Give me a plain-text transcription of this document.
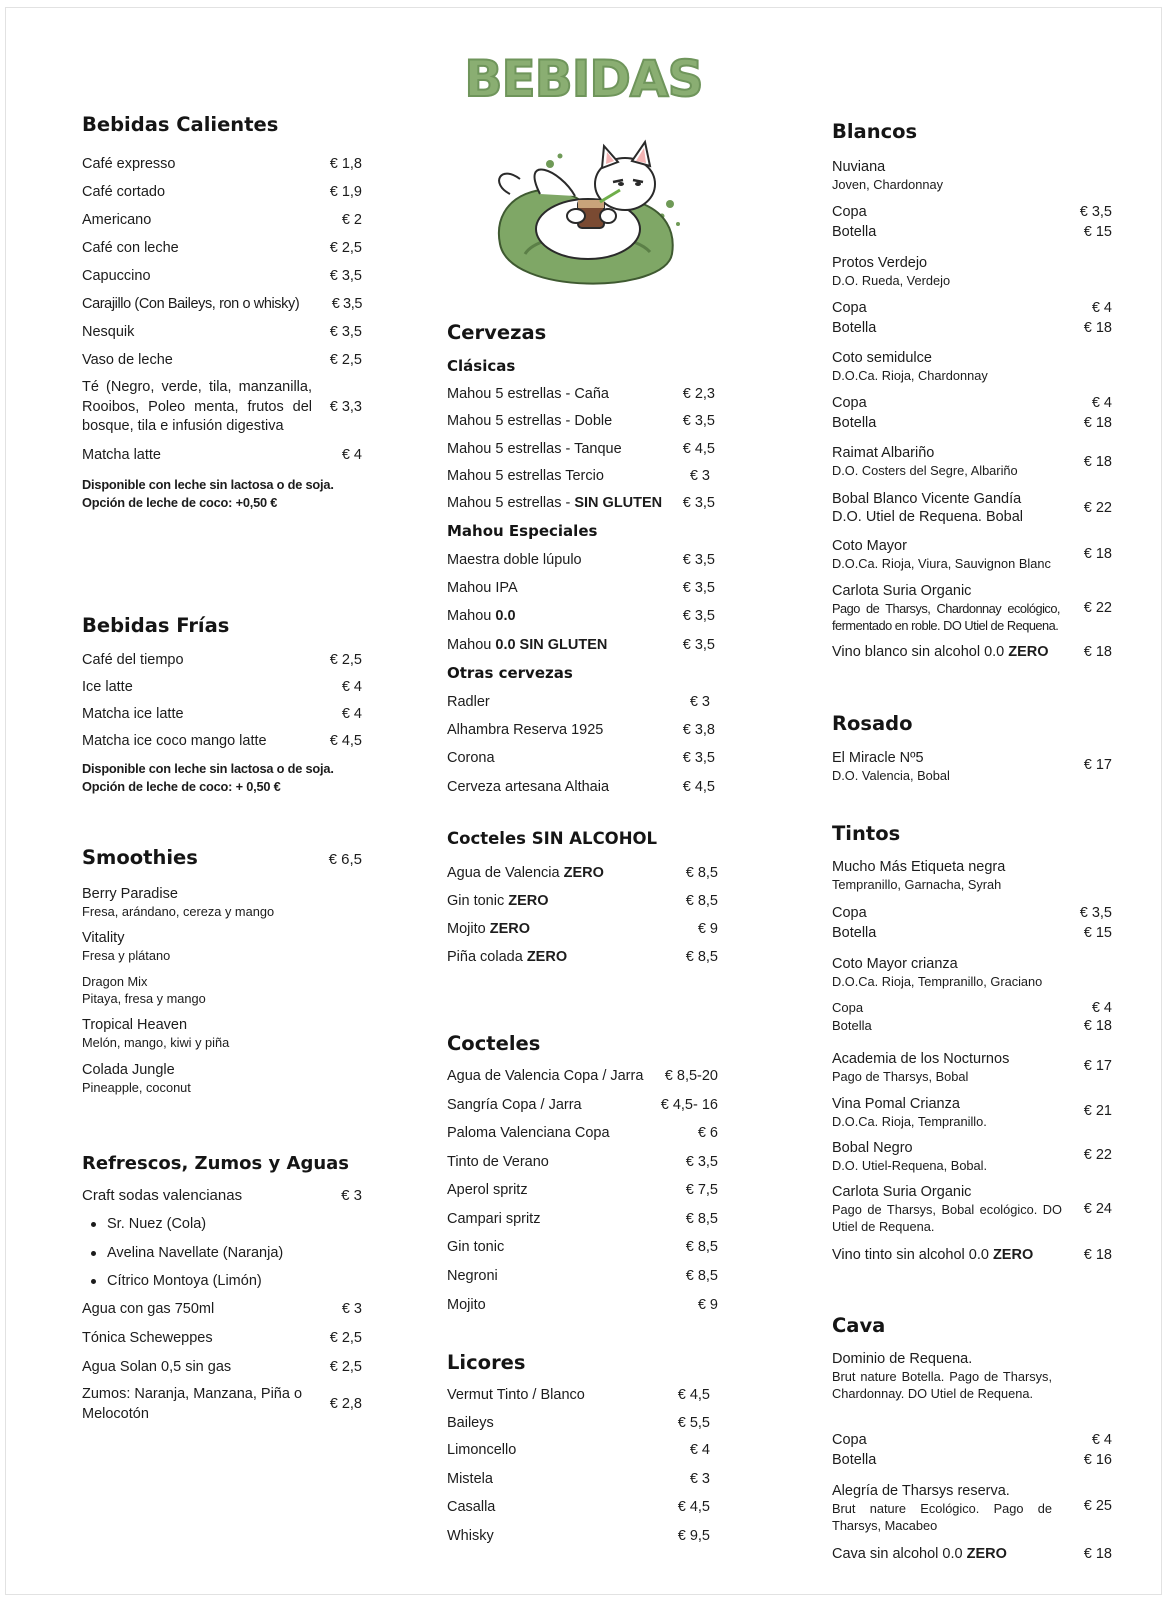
BEBIDAS
Bebidas Calientes
Café expresso	€ 1,8
Café cortado	€ 1,9
Americano	€ 2
Café con leche	€ 2,5
Capuccino	€ 3,5
Carajillo (Con Baileys, ron o whisky) € 3,5
Nesquik	€ 3,5
Vaso de leche	€ 2,5
Té (Negro, verde, tila, manzanilla, Rooibos, Poleo menta, frutos del bosque, tila e infusión digestiva
€ 3,3
Matcha latte	€ 4
Disponible con leche sin lactosa o de soja.
Opción de leche de coco: +0,50 €
Bebidas Frías
Café del tiempo	€ 2,5
Ice latte	€ 4
Matcha ice latte	€ 4
Matcha ice coco mango latte	€ 4,5
Disponible con leche sin lactosa o de soja.
Opción de leche de coco: + 0,50 €
Smoothies	€ 6,5
Berry Paradise
Fresa, arándano, cereza y mango
Vitality
Fresa y plátano
Dragon Mix
Pitaya, fresa y mango
Tropical Heaven
Melón, mango, kiwi y piña
Colada Jungle
Pineapple, coconut
Refrescos, Zumos y Aguas
Craft sodas valencianas	€ 3
Sr. Nuez (Cola)
Avelina Navellate (Naranja)
Cítrico Montoya (Limón)
Agua con gas 750ml	€ 3
Tónica Scheweppes	€ 2,5
Agua Solan 0,5 sin gas	€ 2,5
Zumos: Naranja, Manzana, Piña o Melocotón
€ 2,8
Cervezas
Clásicas
Mahou 5 estrellas - Caña	€ 2,3
Mahou 5 estrellas - Doble	€ 3,5
Mahou 5 estrellas - Tanque	€ 4,5
Mahou 5 estrellas Tercio	€ 3
Mahou 5 estrellas - SIN GLUTEN € 3,5
Mahou Especiales
Maestra doble lúpulo	€ 3,5
Mahou IPA	€ 3,5
Mahou 0.0	€ 3,5
Mahou 0.0 SIN GLUTEN	€ 3,5
Otras cervezas
Radler	€ 3
Alhambra Reserva 1925	€ 3,8
Corona	€ 3,5
Cerveza artesana Althaia	€ 4,5
Cocteles SIN ALCOHOL
Agua de Valencia ZERO	€ 8,5
Gin tonic ZERO	€ 8,5
Mojito ZERO	€ 9
Piña colada ZERO	€ 8,5
Cocteles
Agua de Valencia Copa / Jarra € 8,5-20
Sangría Copa / Jarra	€ 4,5- 16
Paloma Valenciana Copa	€ 6
Tinto de Verano	€ 3,5
Aperol spritz	€ 7,5
Campari spritz	€ 8,5
Gin tonic	€ 8,5
Negroni	€ 8,5
Mojito	€ 9
Licores
Vermut Tinto / Blanco	€ 4,5
Baileys	€ 5,5
Limoncello	€ 4
Mistela	€ 3
Casalla	€ 4,5
Whisky	€ 9,5
Blancos
Nuviana
Joven, Chardonnay
Copa	€ 3,5
Botella	€ 15
Protos Verdejo
D.O. Rueda, Verdejo
Copa	€ 4
Botella	€ 18
Coto semidulce
D.O.Ca. Rioja, Chardonnay
Copa	€ 4
Botella	€ 18
Raimat Albariño
D.O. Costers del Segre, Albariño
€ 18
Bobal Blanco Vicente Gandía
D.O. Utiel de Requena. Bobal
€ 22
Coto Mayor
D.O.Ca. Rioja, Viura, Sauvignon Blanc
€ 18
Carlota Suria Organic
Pago de Tharsys, Chardonnay ecológico, fermentado en roble. DO Utiel de Requena.
€ 22
Vino blanco sin alcohol 0.0 ZERO € 18
Rosado
El Miracle Nº5
D.O. Valencia, Bobal
€ 17
Tintos
Mucho Más Etiqueta negra
Tempranillo, Garnacha, Syrah
Copa	€ 3,5
Botella	€ 15
Coto Mayor crianza
D.O.Ca. Rioja, Tempranillo, Graciano
Copa	€ 4
Botella	€ 18
Academia de los Nocturnos
Pago de Tharsys, Bobal
€ 17
Vina Pomal Crianza
D.O.Ca. Rioja, Tempranillo.
€ 21
Bobal Negro
D.O. Utiel-Requena, Bobal.
€ 22
Carlota Suria Organic
Pago de Tharsys, Bobal ecológico. DO Utiel de Requena.
€ 24
Vino tinto sin alcohol 0.0 ZERO	€ 18
Cava
Dominio de Requena.
Brut nature Botella. Pago de Tharsys, Chardonnay. DO Utiel de Requena.
Copa	€ 4
Botella	€ 16
Alegría de Tharsys reserva.
Brut nature Ecológico. Pago de Tharsys, Macabeo
€ 25
Cava sin alcohol 0.0 ZERO	€ 18
